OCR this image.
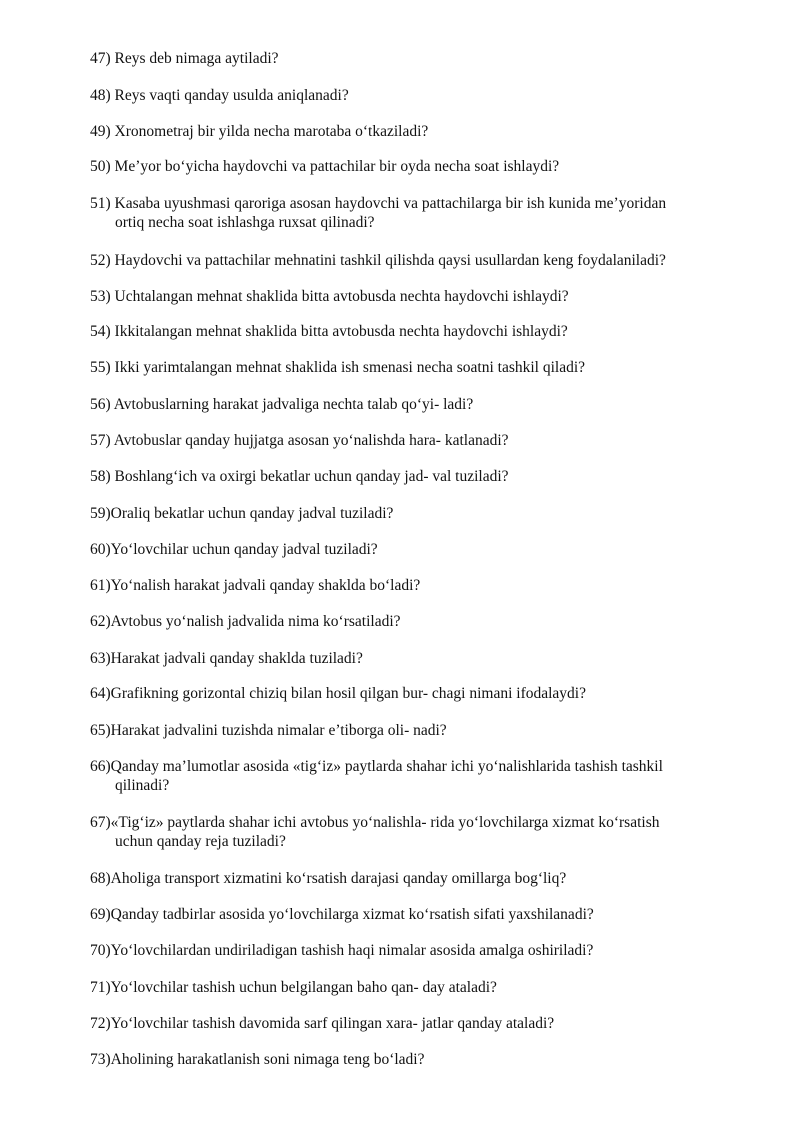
47) Reys deb nimaga aytiladi?
48) Reys vaqti qanday usulda aniqlanadi?
49) Xronometraj bir yilda necha marotaba o‘tkaziladi?
50) Me’yor bo‘yicha haydovchi va pattachilar bir oyda necha soat ishlaydi?
51) Kasaba uyushmasi qaroriga asosan haydovchi va pattachilarga bir ish kunida me’yoridan
ortiq necha soat ishlashga ruxsat qilinadi?
52) Haydovchi va pattachilar mehnatini tashkil qilishda qaysi usullardan keng foydalaniladi?
53) Uchtalangan mehnat shaklida bitta avtobusda nechta haydovchi ishlaydi?
54) Ikkitalangan mehnat shaklida bitta avtobusda nechta haydovchi ishlaydi?
55) Ikki yarimtalangan mehnat shaklida ish smenasi necha soatni tashkil qiladi?
56) Avtobuslarning harakat jadvaliga nechta talab qo‘yi- ladi?
57) Avtobuslar qanday hujjatga asosan yo‘nalishda hara- katlanadi?
58) Boshlang‘ich va oxirgi bekatlar uchun qanday jad- val tuziladi?
59)Oraliq bekatlar uchun qanday jadval tuziladi?
60)Yo‘lovchilar uchun qanday jadval tuziladi?
61)Yo‘nalish harakat jadvali qanday shaklda bo‘ladi?
62)Avtobus yo‘nalish jadvalida nima ko‘rsatiladi?
63)Harakat jadvali qanday shaklda tuziladi?
64)Grafikning gorizontal chiziq bilan hosil qilgan bur- chagi nimani ifodalaydi?
65)Harakat jadvalini tuzishda nimalar e’tiborga oli- nadi?
66)Qanday ma’lumotlar asosida «tig‘iz» paytlarda shahar ichi yo‘nalishlarida tashish tashkil
qilinadi?
67)«Tig‘iz» paytlarda shahar ichi avtobus yo‘nalishla- rida yo‘lovchilarga xizmat ko‘rsatish
uchun qanday reja tuziladi?
68)Aholiga transport xizmatini ko‘rsatish darajasi qanday omillarga bog‘liq?
69)Qanday tadbirlar asosida yo‘lovchilarga xizmat ko‘rsatish sifati yaxshilanadi?
70)Yo‘lovchilardan undiriladigan tashish haqi nimalar asosida amalga oshiriladi?
71)Yo‘lovchilar tashish uchun belgilangan baho qan- day ataladi?
72)Yo‘lovchilar tashish davomida sarf qilingan xara- jatlar qanday ataladi?
73)Aholining harakatlanish soni nimaga teng bo‘ladi?
